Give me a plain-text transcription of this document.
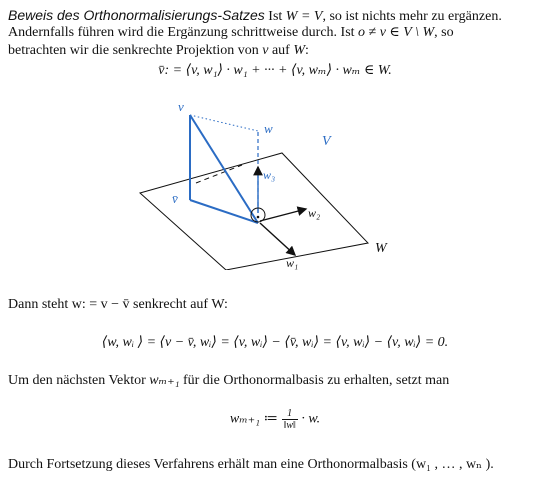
Beweis des Orthonormalisierungs-Satzes Ist W = V, so ist nichts mehr zu ergänzen.
Andernfalls führen wird die Ergänzung schrittweise durch. Ist o ≠ v ∈ V \ W, so
betrachten wir die senkrechte Projektion von v auf W:
v̄: = ⟨v, w₁⟩ · w₁ + ··· + ⟨v, wₘ⟩ · wₘ ∈ W.
v
w
V
w₃
v̄
w₂
w₁
W
Dann steht w: = v − v̄ senkrecht auf W:
⟨w, wᵢ ⟩ = ⟨v − v̄, wᵢ⟩ = ⟨v, wᵢ⟩ − ⟨v̄, wᵢ⟩ = ⟨v, wᵢ⟩ − ⟨v, wᵢ⟩ = 0.
Um den nächsten Vektor wₘ₊₁ für die Orthonormalbasis zu erhalten, setzt man
wₘ₊₁ ≔ $\frac{1}{‖w‖} \cdot w$.
Durch Fortsetzung dieses Verfahrens erhält man eine Orthonormalbasis (w₁ , … , wₙ ).
